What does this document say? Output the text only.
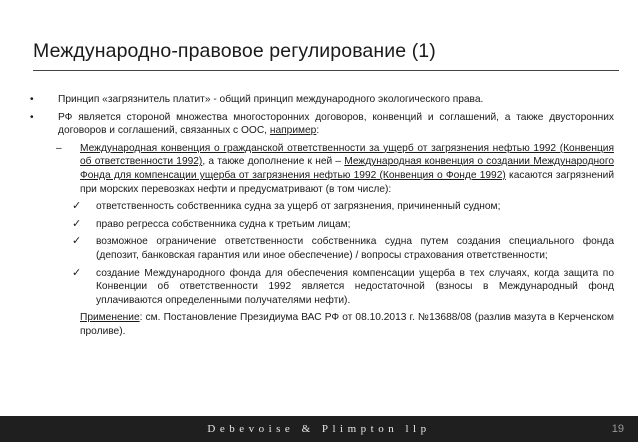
Международно-правовое регулирование (1)
• Принцип «загрязнитель платит» - общий принцип международного экологического права.
• РФ является стороной множества многосторонних договоров, конвенций и соглашений, а также двусторонних договоров и соглашений, связанных с ООС, например:
– Международная конвенция о гражданской ответственности за ущерб от загрязнения нефтью 1992 (Конвенция об ответственности 1992), а также дополнение к ней – Международная конвенция о создании Международного Фонда для компенсации ущерба от загрязнения нефтью 1992 (Конвенция о Фонде 1992) касаются загрязнений при морских перевозках нефти и предусматривают (в том числе):
✓ ответственность собственника судна за ущерб от загрязнения, причиненный судном;
✓ право регресса собственника судна к третьим лицам;
✓ возможное ограничение ответственности собственника судна путем создания специального фонда (депозит, банковская гарантия или иное обеспечение) / вопросы страхования ответственности;
✓ создание Международного фонда для обеспечения компенсации ущерба в тех случаях, когда защита по Конвенции об ответственности 1992 является недостаточной (взносы в Международный фонд уплачиваются определенными получателями нефти).
Применение: см. Постановление Президиума ВАС РФ от 08.10.2013 г. №13688/08 (разлив мазута в Керченском проливе).
Debevoise & Plimpton llp	19
